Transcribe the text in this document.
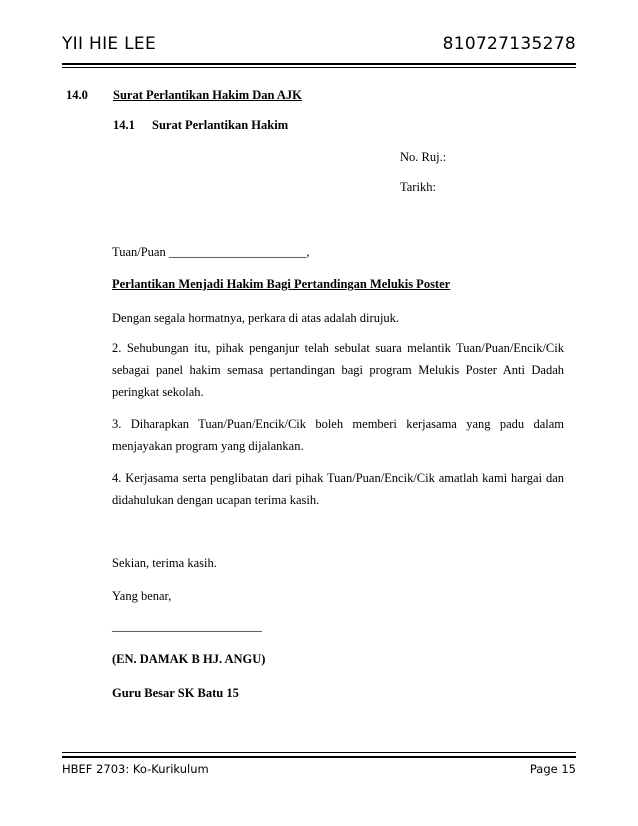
YII HIE LEE	810727135278
14.0 Surat Perlantikan Hakim Dan AJK
14.1 Surat Perlantikan Hakim
No. Ruj.:
Tarikh:
Tuan/Puan ______________________,
Perlantikan Menjadi Hakim Bagi Pertandingan Melukis Poster
Dengan segala hormatnya, perkara di atas adalah dirujuk.
2. Sehubungan itu, pihak penganjur telah sebulat suara melantik Tuan/Puan/Encik/Cik sebagai panel hakim semasa pertandingan bagi program Melukis Poster Anti Dadah peringkat sekolah.
3. Diharapkan Tuan/Puan/Encik/Cik boleh memberi kerjasama yang padu dalam menjayakan program yang dijalankan.
4. Kerjasama serta penglibatan dari pihak Tuan/Puan/Encik/Cik amatlah kami hargai dan didahulukan dengan ucapan terima kasih.
Sekian, terima kasih.
Yang benar,
________________________
(EN. DAMAK B HJ. ANGU)
Guru Besar SK Batu 15
HBEF 2703: Ko-Kurikulum	Page 15
